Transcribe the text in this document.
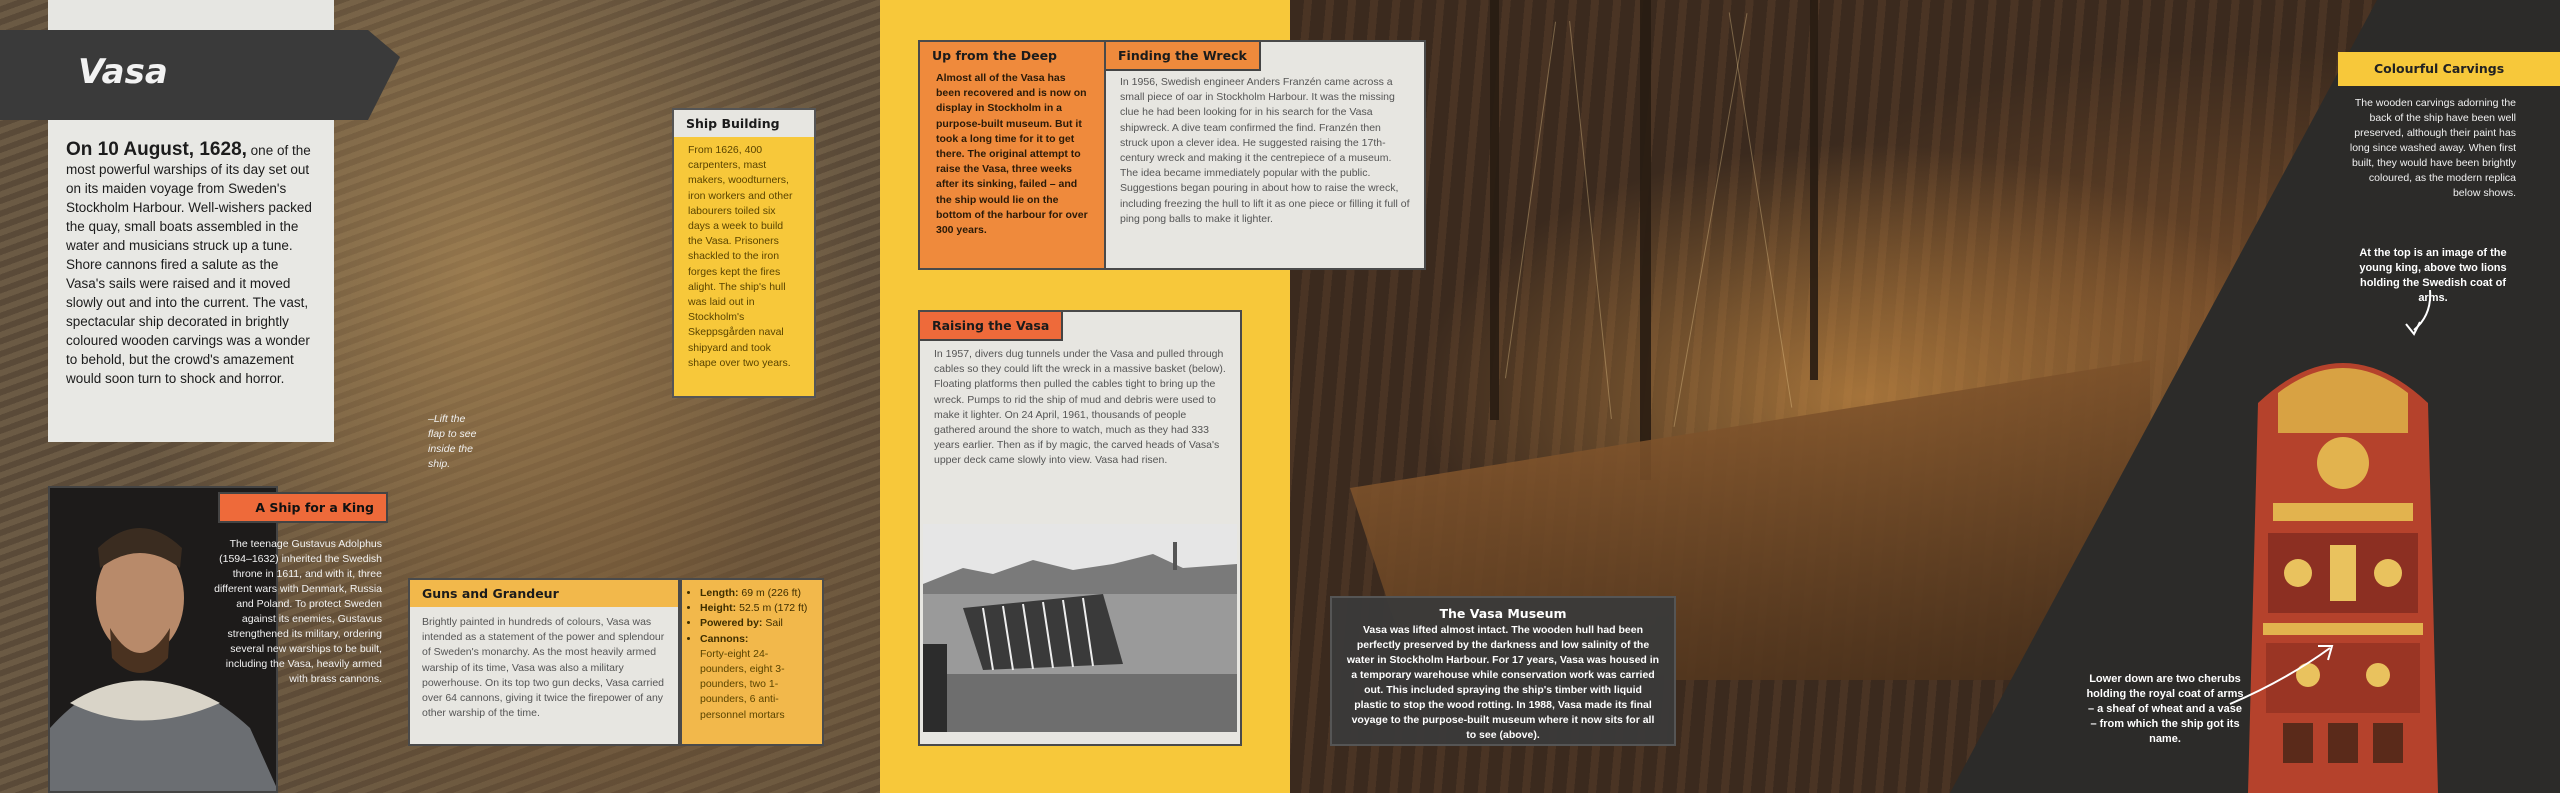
Vasa
On 10 August, 1628, one of the most powerful warships of its day set out on its maiden voyage from Sweden's Stockholm Harbour. Well-wishers packed the quay, small boats assembled in the water and musicians struck up a tune. Shore cannons fired a salute as the Vasa's sails were raised and it moved slowly out and into the current. The vast, spectacular ship decorated in brightly coloured wooden carvings was a wonder to behold, but the crowd's amazement would soon turn to shock and horror.
Ship Building
From 1626, 400 carpenters, mast makers, woodturners, iron workers and other labourers toiled six days a week to build the Vasa. Prisoners shackled to the iron forges kept the fires alight. The ship's hull was laid out in Stockholm's Skeppsgården naval shipyard and took shape over two years.
–Lift the flap to see inside the ship.
A Ship for a King
The teenage Gustavus Adolphus (1594–1632) inherited the Swedish throne in 1611, and with it, three different wars with Denmark, Russia and Poland. To protect Sweden against its enemies, Gustavus strengthened its military, ordering several new warships to be built, including the Vasa, heavily armed with brass cannons.
Guns and Grandeur
Brightly painted in hundreds of colours, Vasa was intended as a statement of the power and splendour of Sweden's monarchy. As the most heavily armed warship of its time, Vasa was also a military powerhouse. On its top two gun decks, Vasa carried over 64 cannons, giving it twice the firepower of any other warship of the time.
• Length: 69 m (226 ft)
• Height: 52.5 m (172 ft)
• Powered by: Sail
• Cannons:
Forty-eight 24-pounders, eight 3-pounders, two 1-pounders, 6 anti-personnel mortars
Up from the Deep
Almost all of the Vasa has been recovered and is now on display in Stockholm in a purpose-built museum. But it took a long time for it to get there. The original attempt to raise the Vasa, three weeks after its sinking, failed – and the ship would lie on the bottom of the harbour for over 300 years.
Finding the Wreck
In 1956, Swedish engineer Anders Franzén came across a small piece of oar in Stockholm Harbour. It was the missing clue he had been looking for in his search for the Vasa shipwreck. A dive team confirmed the find. Franzén then struck upon a clever idea. He suggested raising the 17th-century wreck and making it the centrepiece of a museum. The idea became immediately popular with the public. Suggestions began pouring in about how to raise the wreck, including freezing the hull to lift it as one piece or filling it full of ping pong balls to make it lighter.
Raising the Vasa
In 1957, divers dug tunnels under the Vasa and pulled through cables so they could lift the wreck in a massive basket (below). Floating platforms then pulled the cables tight to bring up the wreck. Pumps to rid the ship of mud and debris were used to make it lighter. On 24 April, 1961, thousands of people gathered around the shore to watch, much as they had 333 years earlier. Then as if by magic, the carved heads of Vasa's upper deck came slowly into view. Vasa had risen.
The Vasa Museum
Vasa was lifted almost intact. The wooden hull had been perfectly preserved by the darkness and low salinity of the water in Stockholm Harbour. For 17 years, Vasa was housed in a temporary warehouse while conservation work was carried out. This included spraying the ship's timber with liquid plastic to stop the wood rotting. In 1988, Vasa made its final voyage to the purpose-built museum where it now sits for all to see (above).
Colourful Carvings
The wooden carvings adorning the back of the ship have been well preserved, although their paint has long since washed away. When first built, they would have been brightly coloured, as the modern replica below shows.
At the top is an image of the young king, above two lions holding the Swedish coat of arms.
Lower down are two cherubs holding the royal coat of arms – a sheaf of wheat and a vase – from which the ship got its name.
